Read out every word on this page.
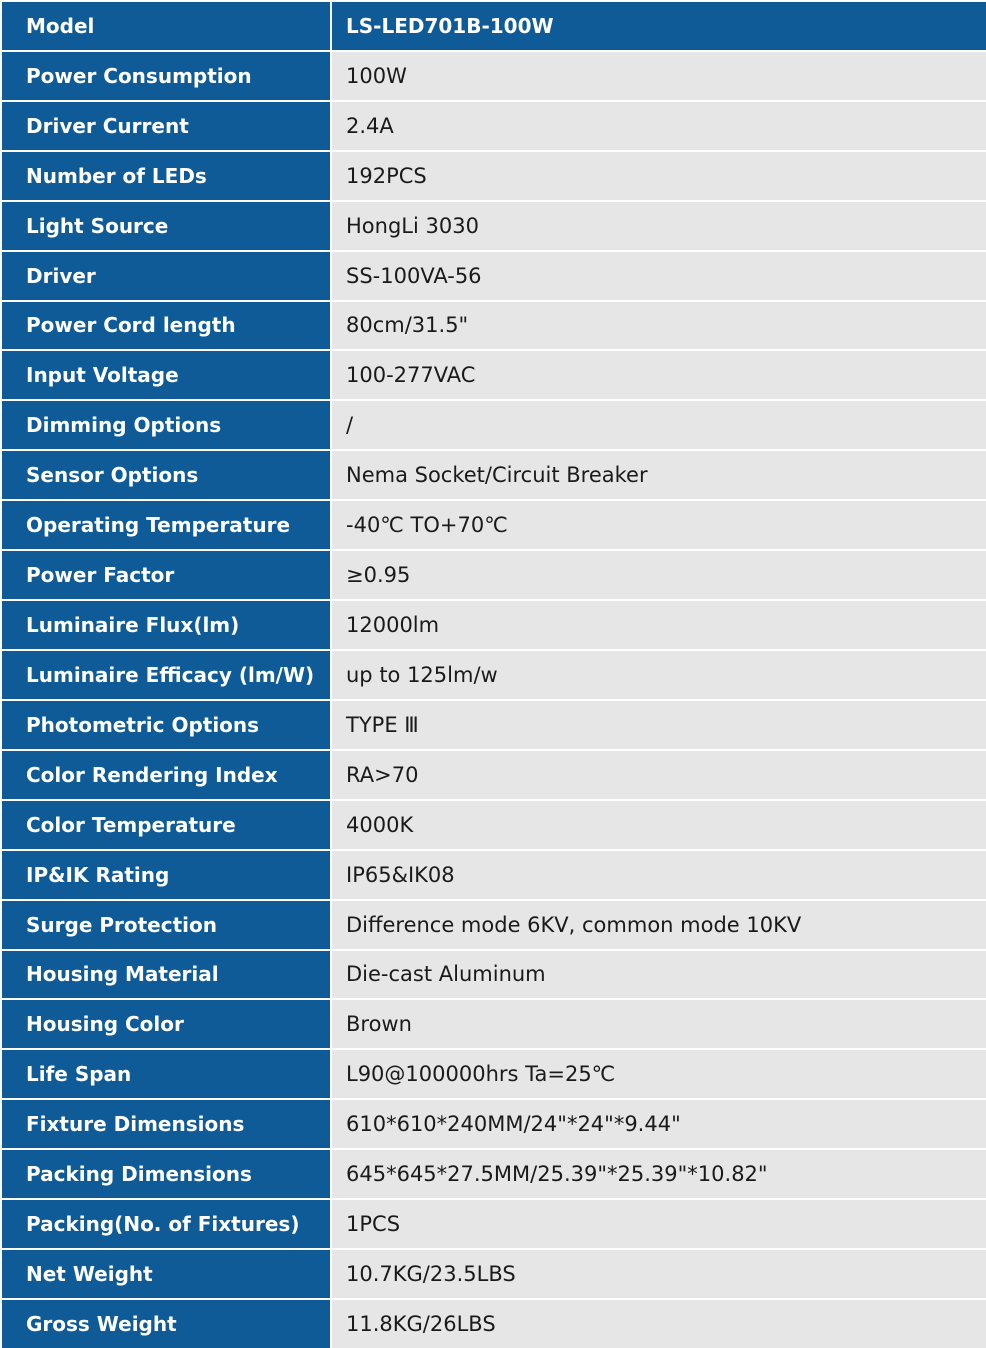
Model	LS-LED701B-100W
Power Consumption	100W
Driver Current	2.4A
Number of LEDs	192PCS
Light Source	HongLi 3030
Driver	SS-100VA-56
Power Cord length	80cm/31.5"
Input Voltage	100-277VAC
Dimming Options	/
Sensor Options	Nema Socket/Circuit Breaker
Operating Temperature	-40℃ TO+70℃
Power Factor	≥0.95
Luminaire Flux(lm)	12000lm
Luminaire Efficacy (lm/W)	up to 125lm/w
Photometric Options	TYPE Ⅲ
Color Rendering Index	RA>70
Color Temperature	4000K
IP&IK Rating	IP65&IK08
Surge Protection	Difference mode 6KV, common mode 10KV
Housing Material	Die-cast Aluminum
Housing Color	Brown
Life Span	L90@100000hrs Ta=25℃
Fixture Dimensions	610*610*240MM/24"*24"*9.44"
Packing Dimensions	645*645*27.5MM/25.39"*25.39"*10.82"
Packing(No. of Fixtures)	1PCS
Net Weight	10.7KG/23.5LBS
Gross Weight	11.8KG/26LBS
